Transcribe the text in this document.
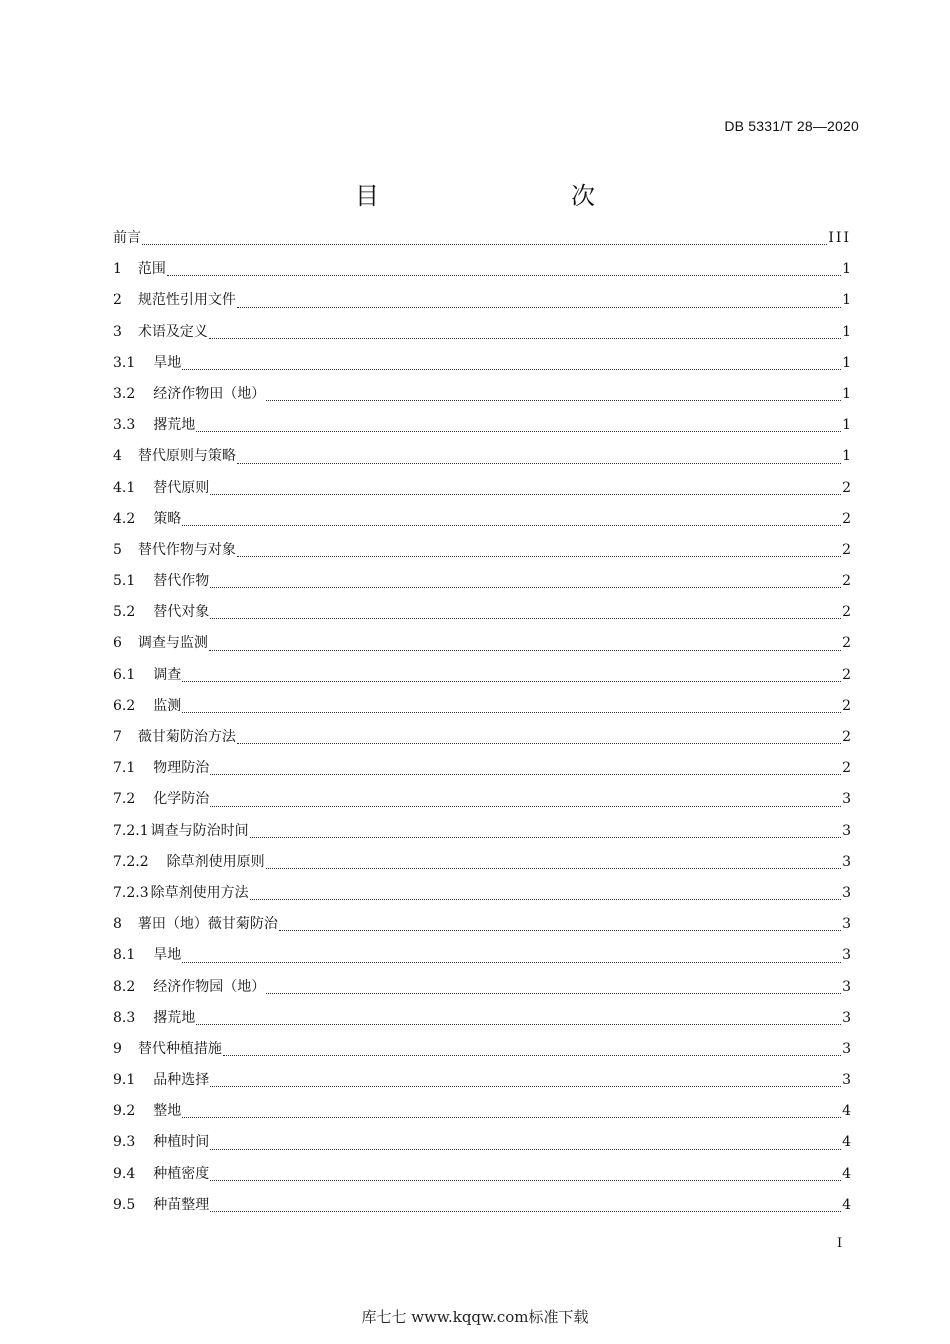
DB 5331/T 28—2020
目　　次
前言	III
1 范围	1
2 规范性引用文件	1
3 术语及定义	1
3.1 旱地	1
3.2 经济作物田（地）	1
3.3 撂荒地	1
4 替代原则与策略	1
4.1 替代原则	2
4.2 策略	2
5 替代作物与对象	2
5.1 替代作物	2
5.2 替代对象	2
6 调查与监测	2
6.1 调查	2
6.2 监测	2
7 薇甘菊防治方法	2
7.1 物理防治	2
7.2 化学防治	3
7.2.1 调查与防治时间	3
7.2.2 除草剂使用原则	3
7.2.3 除草剂使用方法	3
8 薯田（地）薇甘菊防治	3
8.1 旱地	3
8.2 经济作物园（地）	3
8.3 撂荒地	3
9 替代种植措施	3
9.1 品种选择	3
9.2 整地	4
9.3 种植时间	4
9.4 种植密度	4
9.5 种苗整理	4
I
库七七 www.kqqw.com标准下载
